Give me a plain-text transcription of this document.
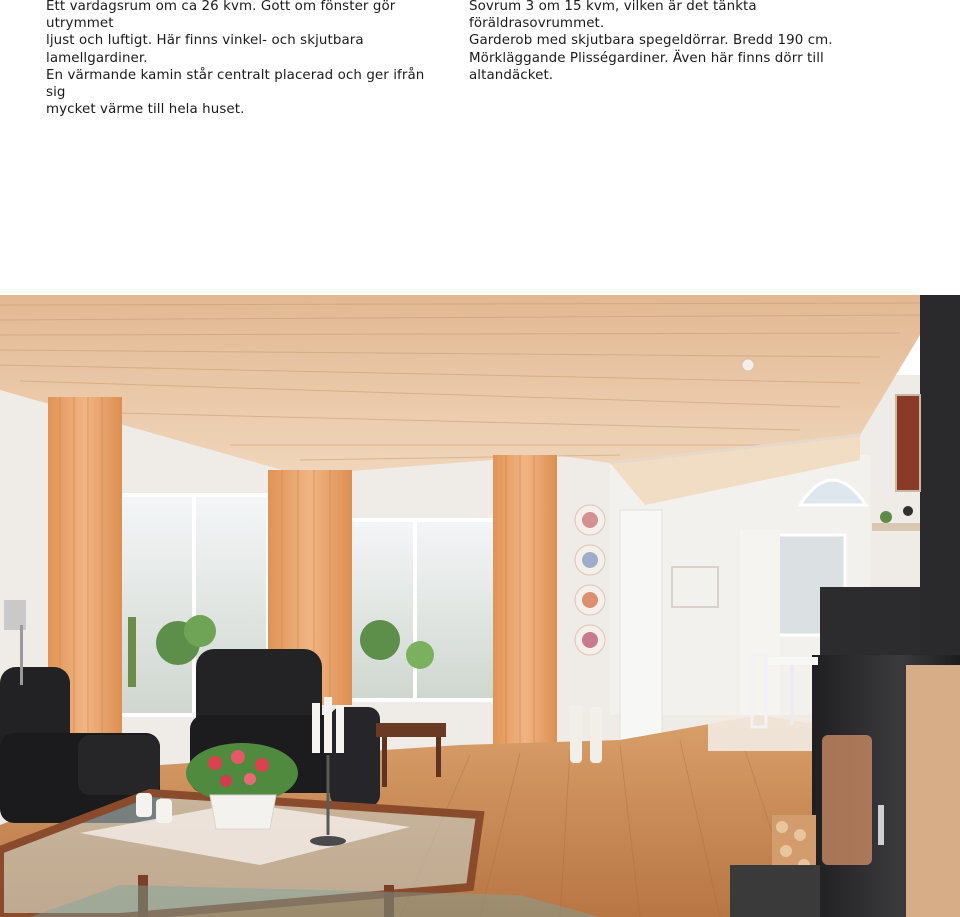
Ett vardagsrum om ca 26 kvm. Gott om fönster gör utrymmet
ljust och luftigt. Här finns vinkel- och skjutbara lamellgardiner.
En värmande kamin står centralt placerad och ger ifrån sig
mycket värme till hela huset.

Sovrum 3 om 15 kvm, vilken är det tänkta föräldrasovrummet.
Garderob med skjutbara spegeldörrar. Bredd 190 cm.
Mörkläggande Plisségardiner. Även här finns dörr till
altandäcket.
